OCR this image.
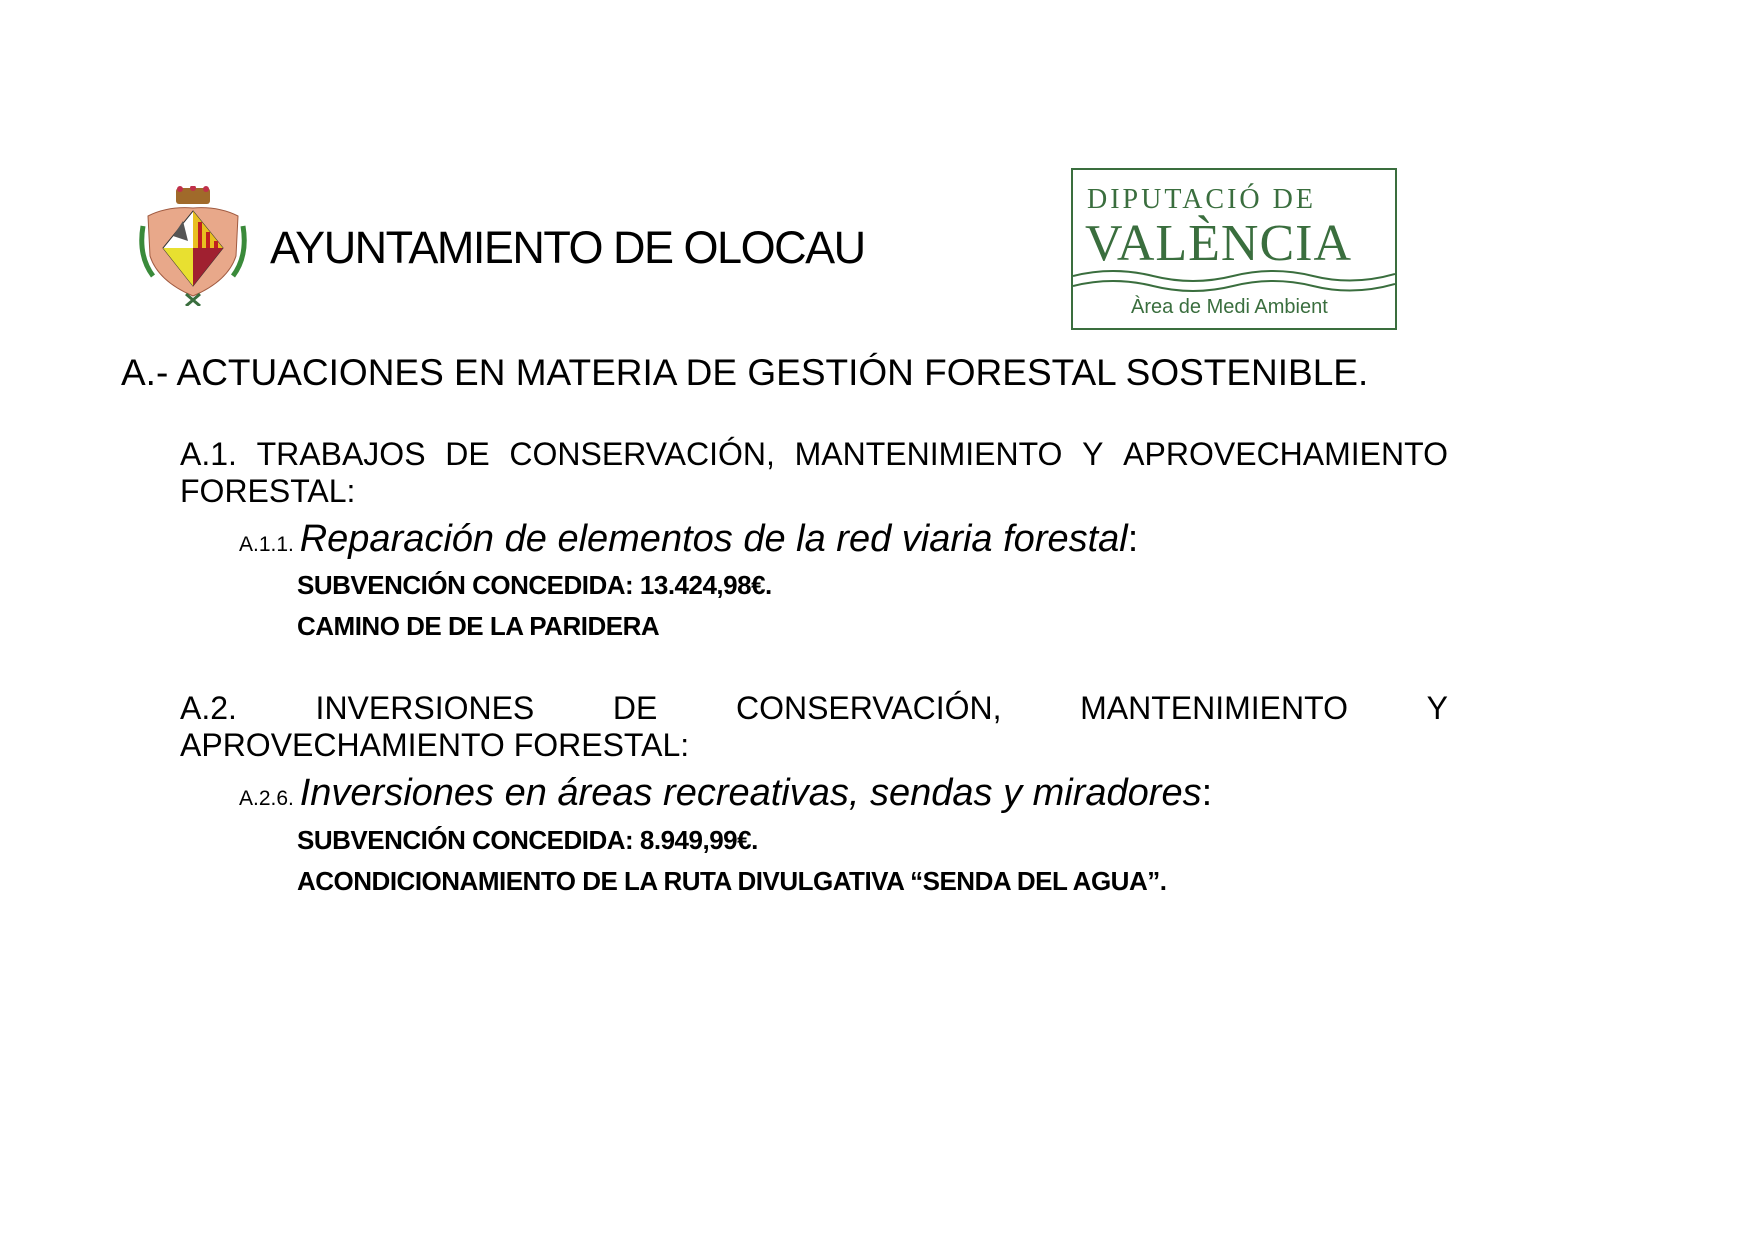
AYUNTAMIENTO DE OLOCAU
DIPUTACIÓ DE
VALÈNCIA
Àrea de Medi Ambient
A.- ACTUACIONES EN MATERIA DE GESTIÓN FORESTAL SOSTENIBLE.
A.1. TRABAJOS DE CONSERVACIÓN, MANTENIMIENTO Y APROVECHAMIENTO
FORESTAL:
A.1.1. Reparación de elementos de la red viaria forestal:
SUBVENCIÓN CONCEDIDA: 13.424,98€.
CAMINO DE DE LA PARIDERA
A.2. INVERSIONES DE CONSERVACIÓN, MANTENIMIENTO Y
APROVECHAMIENTO FORESTAL:
A.2.6. Inversiones en áreas recreativas, sendas y miradores:
SUBVENCIÓN CONCEDIDA: 8.949,99€.
ACONDICIONAMIENTO DE LA RUTA DIVULGATIVA “SENDA DEL AGUA”.
